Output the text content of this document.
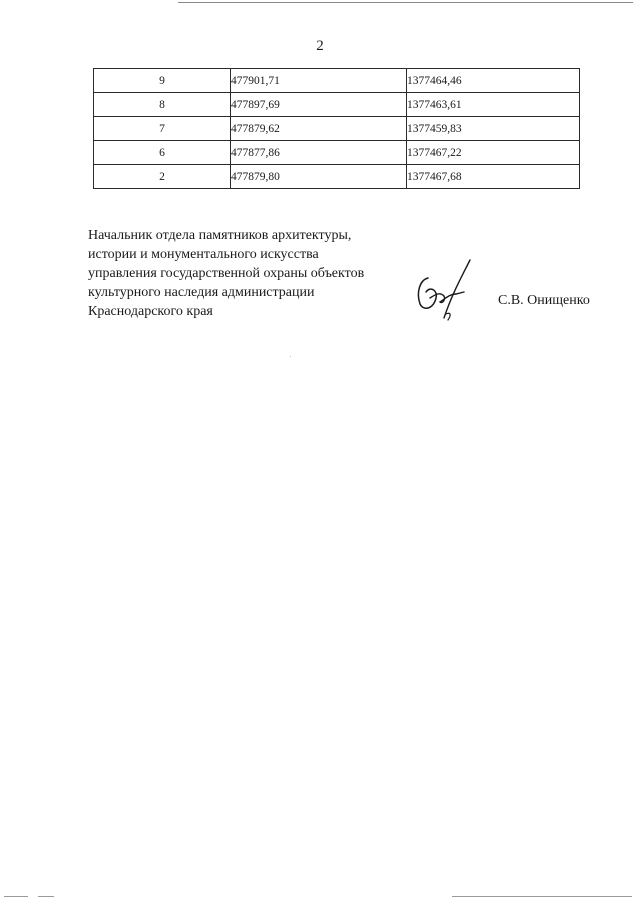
2
9	477901,71	1377464,46
8	477897,69	1377463,61
7	477879,62	1377459,83
6	477877,86	1377467,22
2	477879,80	1377467,68
Начальник отдела памятников архитектуры,
истории и монументального искусства
управления государственной охраны объектов
культурного наследия администрации
Краснодарского края
С.В. Онищенко
